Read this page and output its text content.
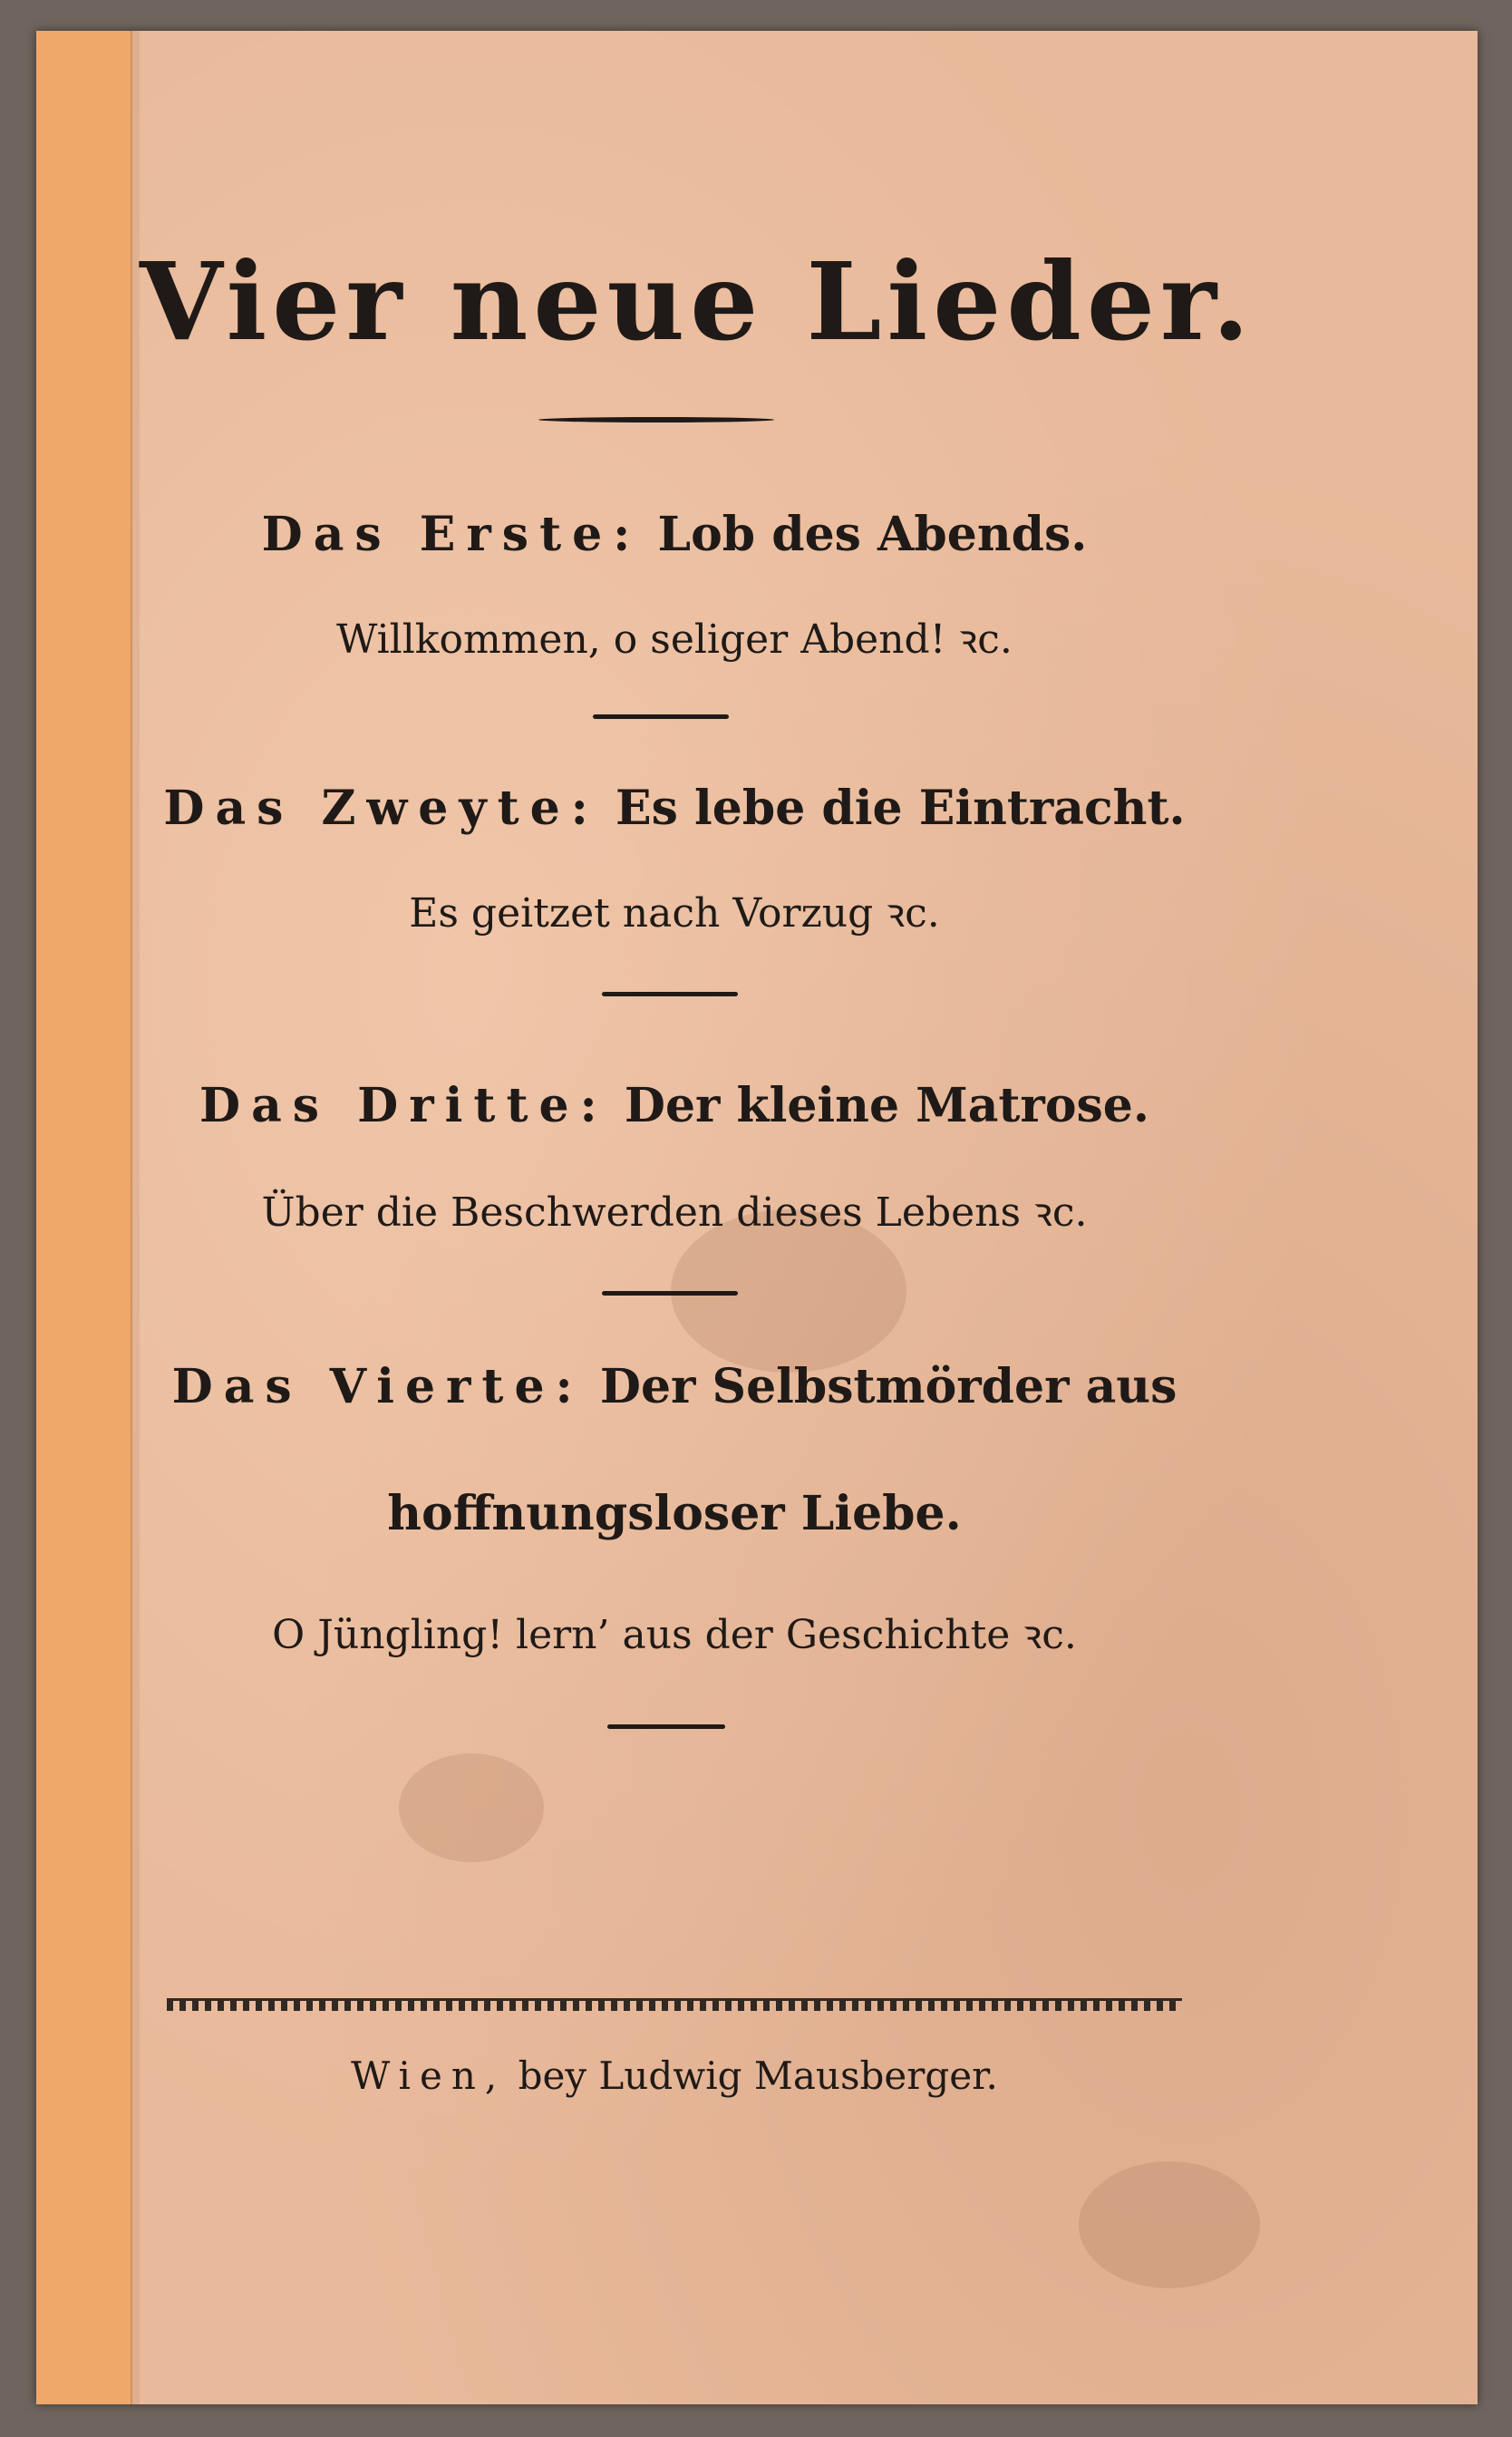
Vier neue Lieder.
Das Erste: Lob des Abends.
Willkommen, o seliger Abend! ꝛc.
Das Zweyte: Es lebe die Eintracht.
Es geitzet nach Vorzug ꝛc.
Das Dritte: Der kleine Matrose.
Über die Beschwerden dieses Lebens ꝛc.
Das Vierte: Der Selbstmörder aus
hoffnungsloser Liebe.
O Jüngling! lern’ aus der Geschichte ꝛc.
Wien, bey Ludwig Mausberger.
